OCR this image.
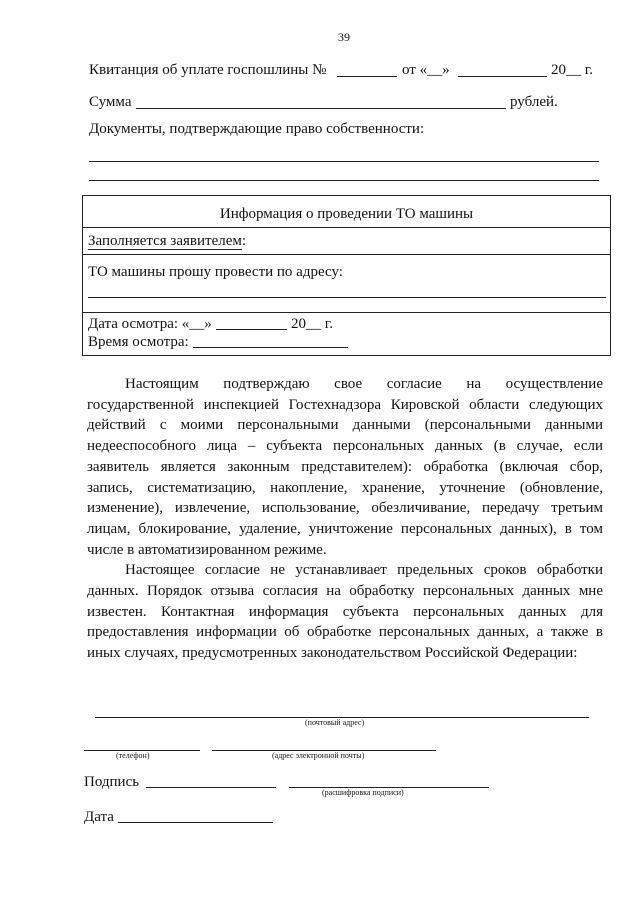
39
Квитанция об уплате госпошлины №	от «__»	20__ г.
Сумма	рублей.
Документы, подтверждающие право собственности:
Информация о проведении ТО машины
Заполняется заявителем:
ТО машины прошу провести по адресу:
Дата осмотра: «__»	20__ г.
Время осмотра:

Настоящим подтверждаю свое согласие на осуществление государственной инспекцией Гостехнадзора Кировской области следующих действий с моими персональными данными (персональными данными недееспособного лица – субъекта персональных данных (в случае, если заявитель является законным представителем): обработка (включая сбор, запись, систематизацию, накопление, хранение, уточнение (обновление, изменение), извлечение, использование, обезличивание, передачу третьим лицам, блокирование, удаление, уничтожение персональных данных), в том числе в автоматизированном режиме.

Настоящее согласие не устанавливает предельных сроков обработки данных. Порядок отзыва согласия на обработку персональных данных мне известен. Контактная информация субъекта персональных данных для предоставления информации об обработке персональных данных, а также в иных случаях, предусмотренных законодательством Российской Федерации:

(почтовый адрес)
(телефон)	(адрес электронной почты)
Подпись
(расшифровка подписи)
Дата
